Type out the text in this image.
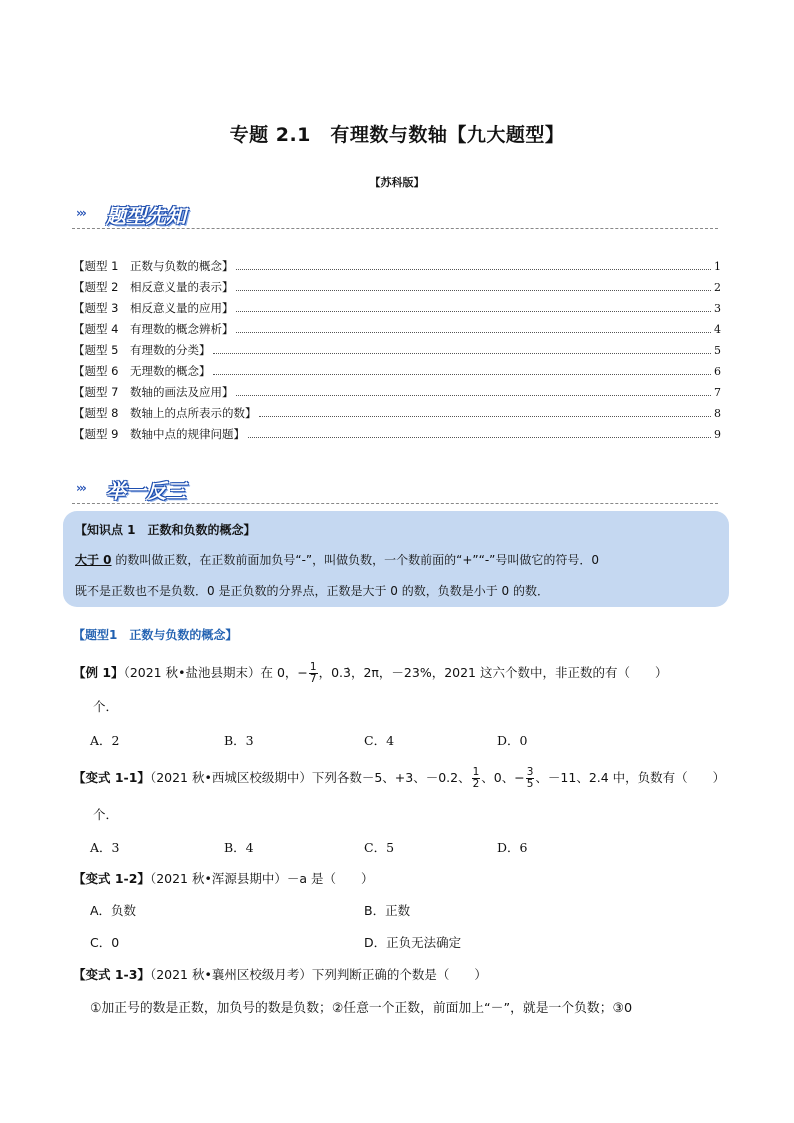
专题 2.1　有理数与数轴【九大题型】
【苏科版】
››› 题型先知
【题型 1　正数与负数的概念】	1
【题型 2　相反意义量的表示】	2
【题型 3　相反意义量的应用】	3
【题型 4　有理数的概念辨析】	4
【题型 5　有理数的分类】	5
【题型 6　无理数的概念】	6
【题型 7　数轴的画法及应用】	7
【题型 8　数轴上的点所表示的数】	8
【题型 9　数轴中点的规律问题】	9
››› 举一反三
【知识点 1　正数和负数的概念】
大于 0 的数叫做正数，在正数前面加负号“-”，叫做负数，一个数前面的“+”“-”号叫做它的符号．0
既不是正数也不是负数．0 是正负数的分界点，正数是大于 0 的数，负数是小于 0 的数．
【题型1　正数与负数的概念】
【例 1】（2021 秋•盐池县期末）在 0，− $\frac{1}{7}$ ，0.3̇，2π，－23%，2021 这六个数中，非正数的有（　　）
个．
A．2	B．3	C．4	D．0
【变式 1-1】（2021 秋•西城区校级期中）下列各数－5、+3、－0.2、 $\frac{1}{2}$ 、0、− $\frac{3}{5}$ 、－11、2.4 中，负数有（　　）
个．
A．3	B．4	C．5	D．6
【变式 1-2】（2021 秋•浑源县期中）－a 是（　　）
A．负数	B．正数
C．0	D．正负无法确定
【变式 1-3】（2021 秋•襄州区校级月考）下列判断正确的个数是（　　）
①加正号的数是正数，加负号的数是负数；②任意一个正数，前面加上“－”，就是一个负数；③0
